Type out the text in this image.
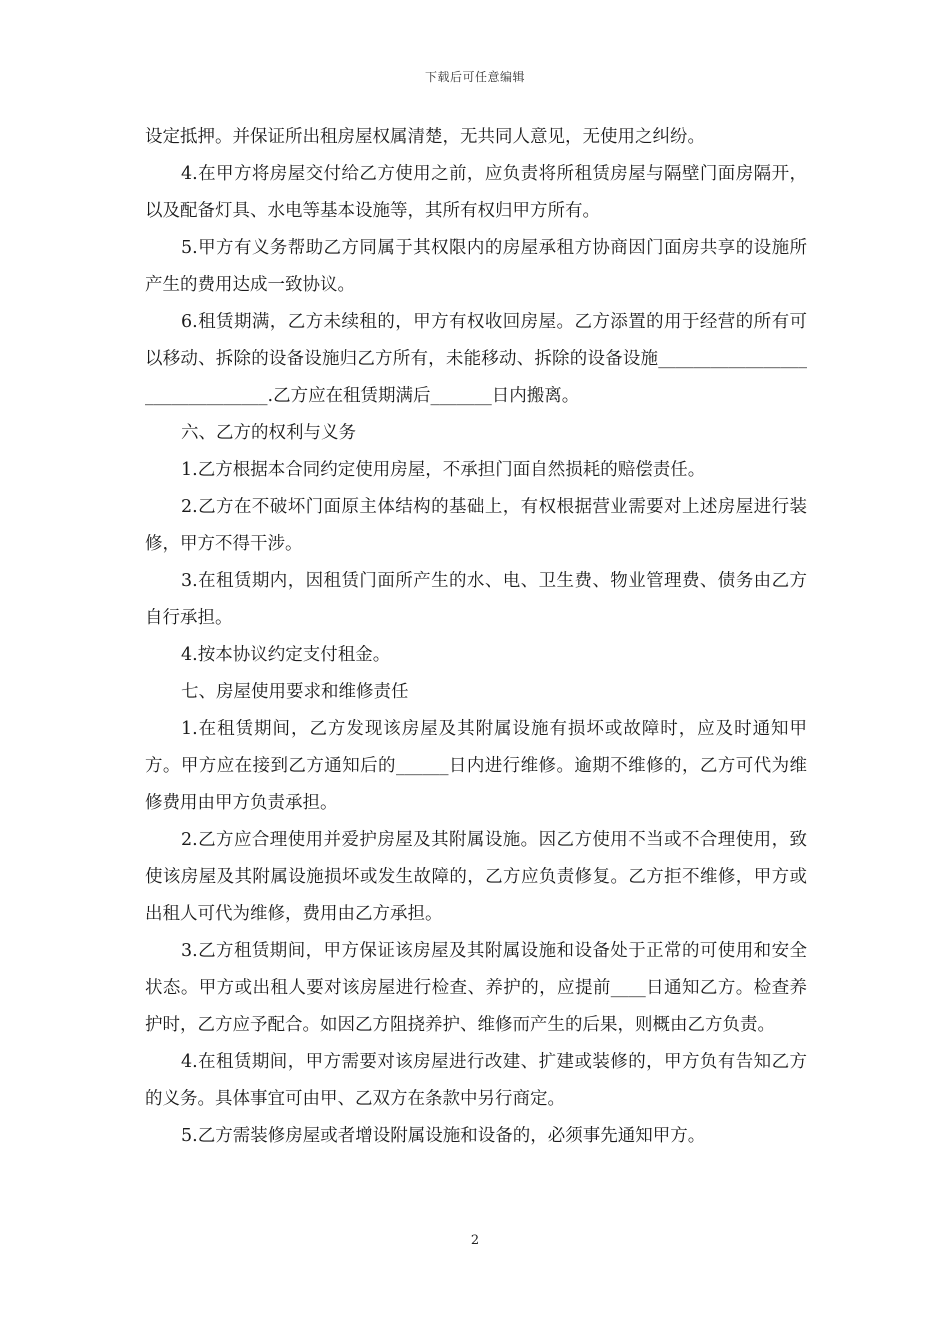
下载后可任意编辑

设定抵押。并保证所出租房屋权属清楚，无共同人意见，无使用之纠纷。

4.在甲方将房屋交付给乙方使用之前，应负责将所租赁房屋与隔壁门面房隔开，以及配备灯具、水电等基本设施等，其所有权归甲方所有。

5.甲方有义务帮助乙方同属于其权限内的房屋承租方协商因门面房共享的设施所产生的费用达成一致协议。

6.租赁期满，乙方未续租的，甲方有权收回房屋。乙方添置的用于经营的所有可以移动、拆除的设备设施归乙方所有，未能移动、拆除的设备设施_______________________________.乙方应在租赁期满后_______日内搬离。

六、乙方的权利与义务

1.乙方根据本合同约定使用房屋，不承担门面自然损耗的赔偿责任。

2.乙方在不破坏门面原主体结构的基础上，有权根据营业需要对上述房屋进行装修，甲方不得干涉。

3.在租赁期内，因租赁门面所产生的水、电、卫生费、物业管理费、债务由乙方自行承担。

4.按本协议约定支付租金。

七、房屋使用要求和维修责任

1.在租赁期间，乙方发现该房屋及其附属设施有损坏或故障时，应及时通知甲方。甲方应在接到乙方通知后的______日内进行维修。逾期不维修的，乙方可代为维修费用由甲方负责承担。

2.乙方应合理使用并爱护房屋及其附属设施。因乙方使用不当或不合理使用，致使该房屋及其附属设施损坏或发生故障的，乙方应负责修复。乙方拒不维修，甲方或出租人可代为维修，费用由乙方承担。

3.乙方租赁期间，甲方保证该房屋及其附属设施和设备处于正常的可使用和安全状态。甲方或出租人要对该房屋进行检查、养护的，应提前____日通知乙方。检查养护时，乙方应予配合。如因乙方阻挠养护、维修而产生的后果，则概由乙方负责。

4.在租赁期间，甲方需要对该房屋进行改建、扩建或装修的，甲方负有告知乙方的义务。具体事宜可由甲、乙双方在条款中另行商定。

5.乙方需装修房屋或者增设附属设施和设备的，必须事先通知甲方。

2
